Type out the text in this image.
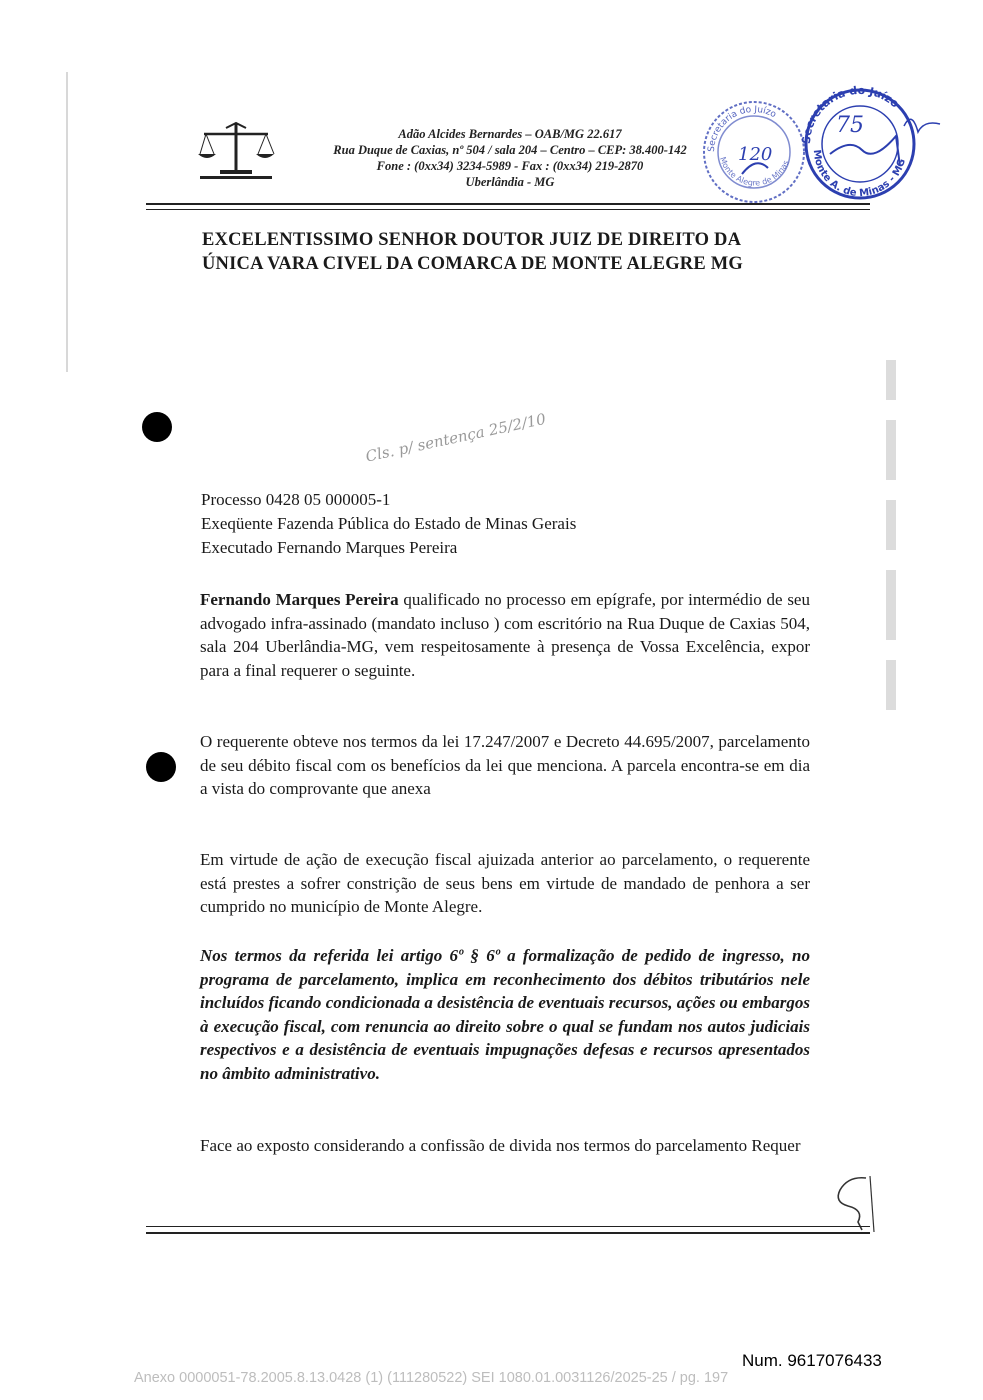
Adão Alcides Bernardes – OAB/MG 22.617
Rua Duque de Caxias, nº 504 / sala 204 – Centro – CEP: 38.400-142
Fone : (0xx34) 3234-5989 - Fax : (0xx34) 219-2870
Uberlândia - MG
Secretaria do Juízo
Monte Alegre de Minas
120
Secretaria do Juízo
Monte A. de Minas - MG
75
EXCELENTISSIMO SENHOR DOUTOR JUIZ DE DIREITO DA
ÚNICA VARA CIVEL DA COMARCA DE MONTE ALEGRE MG
Cls. p/ sentença 25/2/10
Processo 0428 05 000005-1
Exeqüente Fazenda Pública do Estado de Minas Gerais
Executado Fernando Marques Pereira
Fernando Marques Pereira qualificado no processo em epígrafe, por intermédio de seu advogado infra-assinado (mandato incluso ) com escritório na Rua Duque de Caxias 504, sala 204 Uberlândia-MG, vem respeitosamente à presença de Vossa Excelência, expor para a final requerer o seguinte.
O requerente obteve nos termos da lei 17.247/2007 e Decreto 44.695/2007, parcelamento de seu débito fiscal com os benefícios da lei que menciona. A parcela encontra-se em dia a vista do comprovante que anexa
Em virtude de ação de execução fiscal ajuizada anterior ao parcelamento, o requerente está prestes a sofrer constrição de seus bens em virtude de mandado de penhora a ser cumprido no município de Monte Alegre.
Nos termos da referida lei artigo 6º § 6º a formalização de pedido de ingresso, no programa de parcelamento, implica em reconhecimento dos débitos tributários nele incluídos ficando condicionada a desistência de eventuais recursos, ações ou embargos à execução fiscal, com renuncia ao direito sobre o qual se fundam nos autos judiciais respectivos e a desistência de eventuais impugnações defesas e recursos apresentados no âmbito administrativo.
Face ao exposto considerando a confissão de divida nos termos do parcelamento Requer
Num. 9617076433
Anexo 0000051-78.2005.8.13.0428 (1) (111280522) SEI 1080.01.0031126/2025-25 / pg. 197
